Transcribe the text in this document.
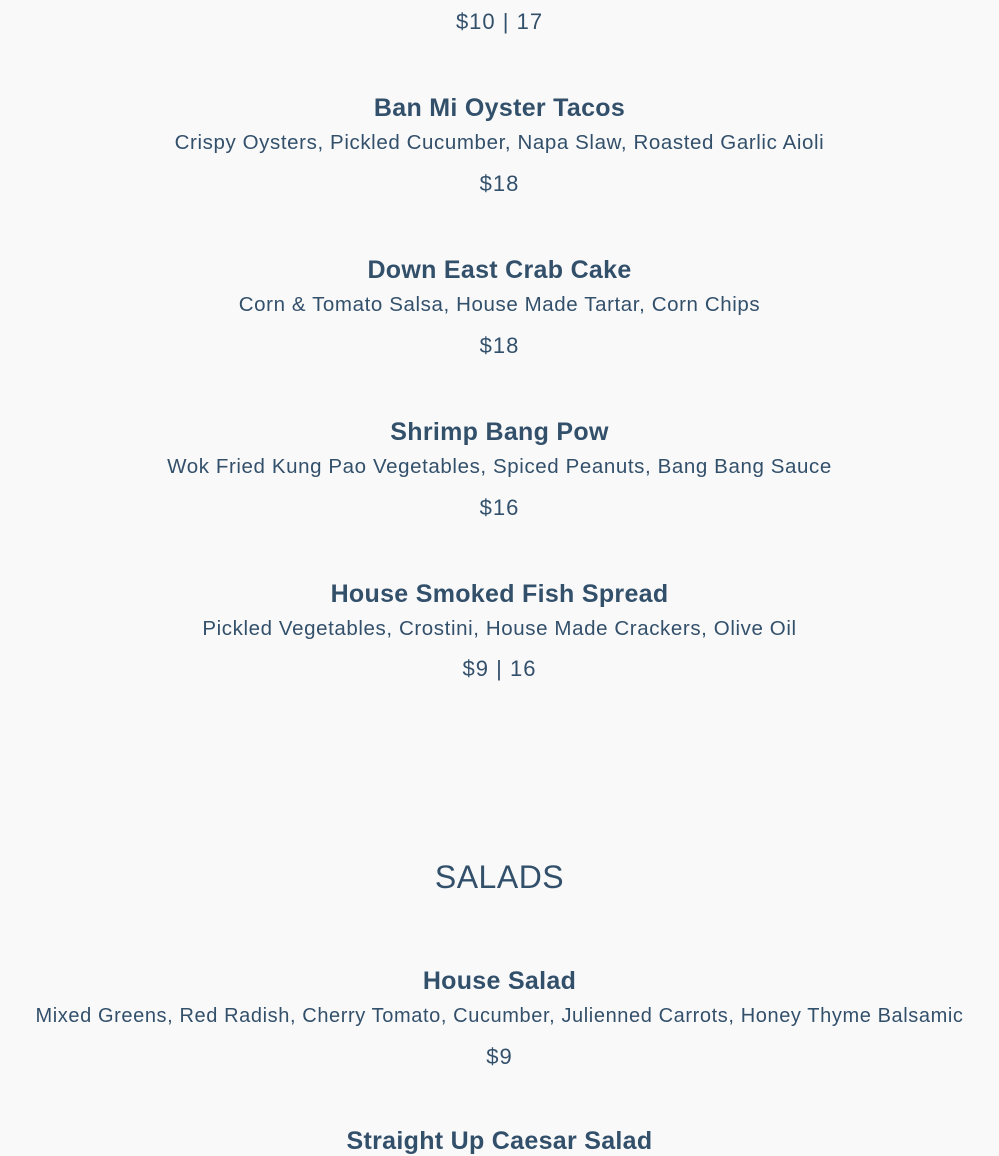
$10 | 17
Ban Mi Oyster Tacos
Crispy Oysters, Pickled Cucumber, Napa Slaw, Roasted Garlic Aioli
$18
Down East Crab Cake
Corn & Tomato Salsa, House Made Tartar, Corn Chips
$18
Shrimp Bang Pow
Wok Fried Kung Pao Vegetables, Spiced Peanuts, Bang Bang Sauce
$16
House Smoked Fish Spread
Pickled Vegetables, Crostini, House Made Crackers, Olive Oil
$9 | 16
SALADS
House Salad
Mixed Greens, Red Radish, Cherry Tomato, Cucumber, Julienned Carrots, Honey Thyme Balsamic
$9
Straight Up Caesar Salad
